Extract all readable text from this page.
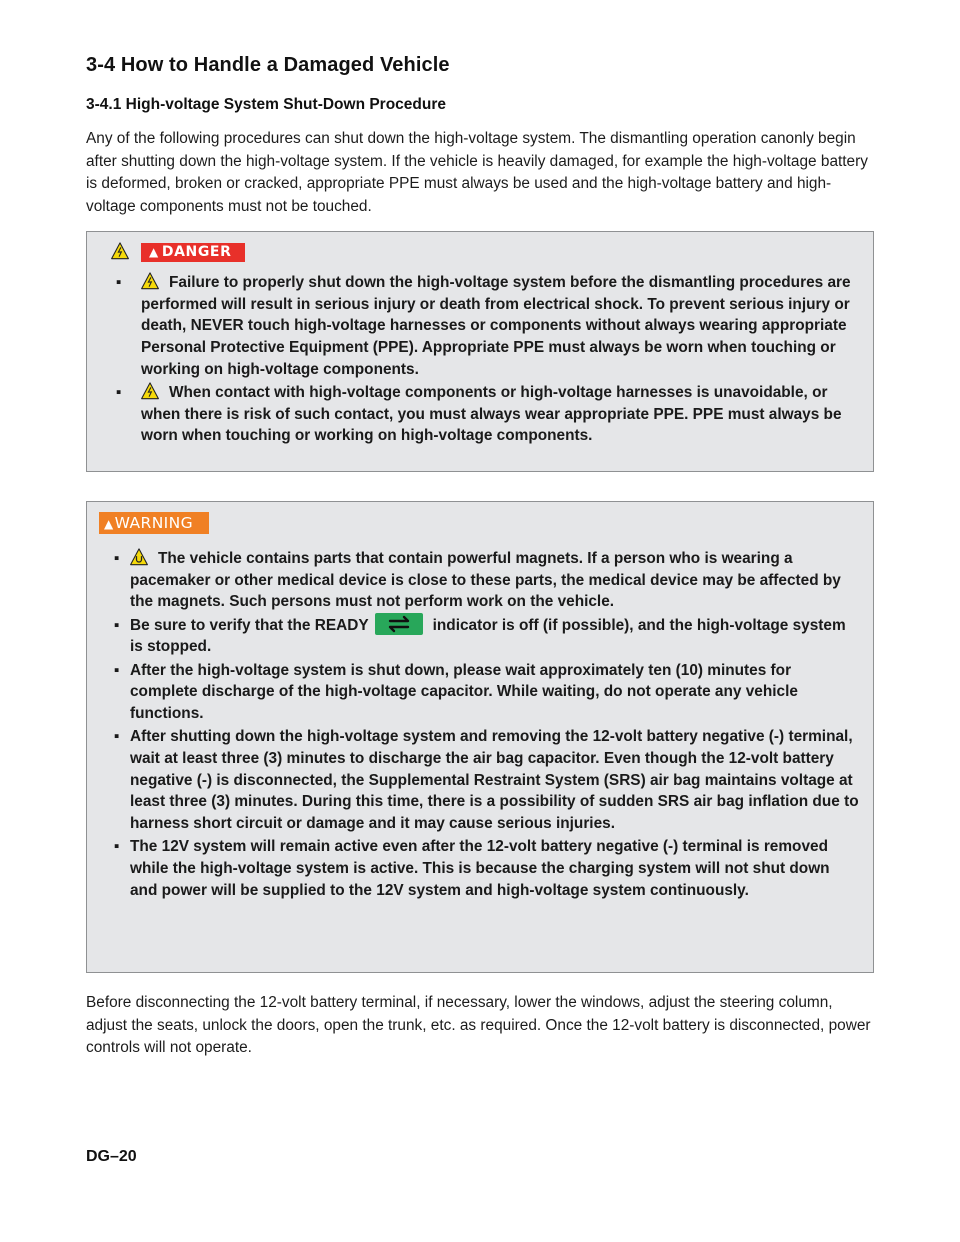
3-4 How to Handle a Damaged Vehicle
3-4.1 High-voltage System Shut-Down Procedure

Any of the following procedures can shut down the high-voltage system. The dismantling operation canonly begin after shutting down the high-voltage system. If the vehicle is heavily damaged, for example the high-voltage battery is deformed, broken or cracked, appropriate PPE must always be used and the high-voltage battery and high-voltage components must not be touched.

▲ DANGER
▪	Failure to properly shut down the high-voltage system before the dismantling procedures are performed will result in serious injury or death from electrical shock. To prevent serious injury or death, NEVER touch high-voltage harnesses or components without always wearing appropriate Personal Protective Equipment (PPE). Appropriate PPE must always be worn when touching or working on high-voltage components.
▪	When contact with high-voltage components or high-voltage harnesses is unavoidable, or when there is risk of such contact, you must always wear appropriate PPE. PPE must always be worn when touching or working on high-voltage components.
▲WARNING
▪	The vehicle contains parts that contain powerful magnets. If a person who is wearing a pacemaker or other medical device is close to these parts, the medical device may be affected by the magnets. Such persons must not perform work on the vehicle.
▪ Be sure to verify that the READY	indicator is off (if possible), and the high-voltage system is stopped.
▪ After the high-voltage system is shut down, please wait approximately ten (10) minutes for complete discharge of the high-voltage capacitor. While waiting, do not operate any vehicle functions.
▪ After shutting down the high-voltage system and removing the 12-volt battery negative (-) terminal, wait at least three (3) minutes to discharge the air bag capacitor. Even though the 12-volt battery negative (-) is disconnected, the Supplemental Restraint System (SRS) air bag maintains voltage at least three (3) minutes. During this time, there is a possibility of sudden SRS air bag inflation due to harness short circuit or damage and it may cause serious injuries.
▪ The 12V system will remain active even after the 12-volt battery negative (-) terminal is removed while the high-voltage system is active. This is because the charging system will not shut down and power will be supplied to the 12V system and high-voltage system continuously.

Before disconnecting the 12-volt battery terminal, if necessary, lower the windows, adjust the steering column, adjust the seats, unlock the doors, open the trunk, etc. as required. Once the 12-volt battery is disconnected, power controls will not operate.

DG–20
